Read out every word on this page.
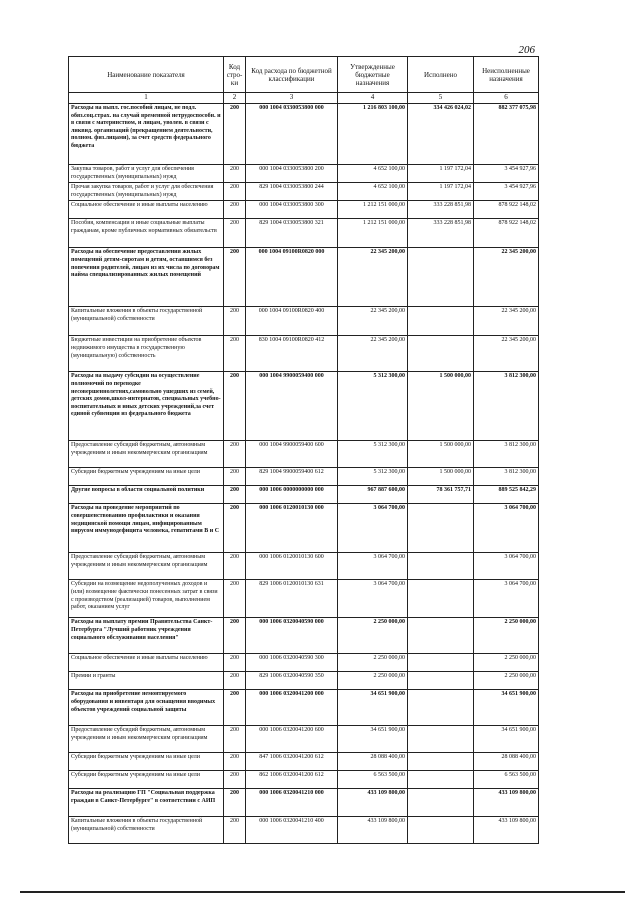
206
Наименование показателя	Код стро- ки	Код расхода по бюджетной классификации	Утвержденные бюджетные назначения	Исполнено	Неисполненные назначения
1	2	3	4	5	6
Расходы на выпл. гос.пособий лицам, не подл. обяз.соц.страх. на случай временной нетрудоспособн. и в связи с материнством, и лицам, уволен. в связи с ликвид. организаций (прекращением деятельности, полном. физ.лицами), за счет средств федерального бюджета	200	000 1004 0330053800 000	1 216 803 100,00	334 426 024,02	882 377 075,98
Закупка товаров, работ и услуг для обеспечения государственных (муниципальных) нужд	200	000 1004 0330053800 200	4 652 100,00	1 197 172,04	3 454 927,96
Прочая закупка товаров, работ и услуг для обеспечения государственных (муниципальных) нужд	200	829 1004 0330053800 244	4 652 100,00	1 197 172,04	3 454 927,96
Социальное обеспечение и иные выплаты населению	200	000 1004 0330053800 300	1 212 151 000,00	333 228 851,98	878 922 148,02
Пособия, компенсации и иные социальные выплаты гражданам, кроме публичных нормативных обязательств	200	829 1004 0330053800 321	1 212 151 000,00	333 228 851,98	878 922 148,02
Расходы на обеспечение предоставления жилых помещений детям-сиротам и детям, оставшимся без попечения родителей, лицам из их числа по договорам найма специализированных жилых помещений	200	000 1004 09100R0820 000	22 345 200,00		22 345 200,00
Капитальные вложения в объекты государственной (муниципальной) собственности	200	000 1004 09100R0820 400	22 345 200,00		22 345 200,00
Бюджетные инвестиции на приобретение объектов недвижимого имущества в государственную (муниципальную) собственность	200	830 1004 09100R0820 412	22 345 200,00		22 345 200,00
Расходы на выдачу субсидии на осуществление полномочий по переводке несовершеннолетних,самовольно ушедших из семей, детских домов,школ-интернатов, специальных учебно-воспитательных и иных детских учреждений,за счет единой субвенции из федерального бюджета	200	000 1004 9900059400 000	5 312 300,00	1 500 000,00	3 812 300,00
Предоставление субсидий бюджетным, автономным учреждениям и иным некоммерческим организациям	200	000 1004 9900059400 600	5 312 300,00	1 500 000,00	3 812 300,00
Субсидии бюджетным учреждениям на иные цели	200	829 1004 9900059400 612	5 312 300,00	1 500 000,00	3 812 300,00
Другие вопросы в области социальной политики	200	000 1006 0000000000 000	967 887 600,00	78 361 757,71	889 525 842,29
Расходы на проведение мероприятий по совершенствованию профилактики и оказания медицинской помощи лицам, инфицированным вирусом иммунодефицита человека, гепатитами В и С	200	000 1006 0120010130 000	3 064 700,00		3 064 700,00
Предоставление субсидий бюджетным, автономным учреждениям и иным некоммерческим организациям	200	000 1006 0120010130 600	3 064 700,00		3 064 700,00
Субсидии на возмещение недополученных доходов и (или) возмещение фактически понесенных затрат в связи с производством (реализацией) товаров, выполнением работ, оказанием услуг	200	829 1006 0120010130 631	3 064 700,00		3 064 700,00
Расходы на выплату премии Правительства Санкт-Петербурга "Лучший работник учреждения социального обслуживания населения"	200	000 1006 0320040590 000	2 250 000,00		2 250 000,00
Социальное обеспечение и иные выплаты населению	200	000 1006 0320040590 300	2 250 000,00		2 250 000,00
Премии и гранты	200	829 1006 0320040590 350	2 250 000,00		2 250 000,00
Расходы на приобретение немонтируемого оборудования и инвентаря для оснащения вводимых объектов учреждений социальной защиты	200	000 1006 0320041200 000	34 651 900,00		34 651 900,00
Предоставление субсидий бюджетным, автономным учреждениям и иным некоммерческим организациям	200	000 1006 0320041200 600	34 651 900,00		34 651 900,00
Субсидии бюджетным учреждениям на иные цели	200	847 1006 0320041200 612	28 088 400,00		28 088 400,00
Субсидии бюджетным учреждениям на иные цели	200	862 1006 0320041200 612	6 563 500,00		6 563 500,00
Расходы на реализацию ГП "Социальная поддержка граждан в Санкт-Петербурге" в соответствии с АИП	200	000 1006 0320041210 000	433 109 800,00		433 109 800,00
Капитальные вложения в объекты государственной (муниципальной) собственности	200	000 1006 0320041210 400	433 109 800,00		433 109 800,00
